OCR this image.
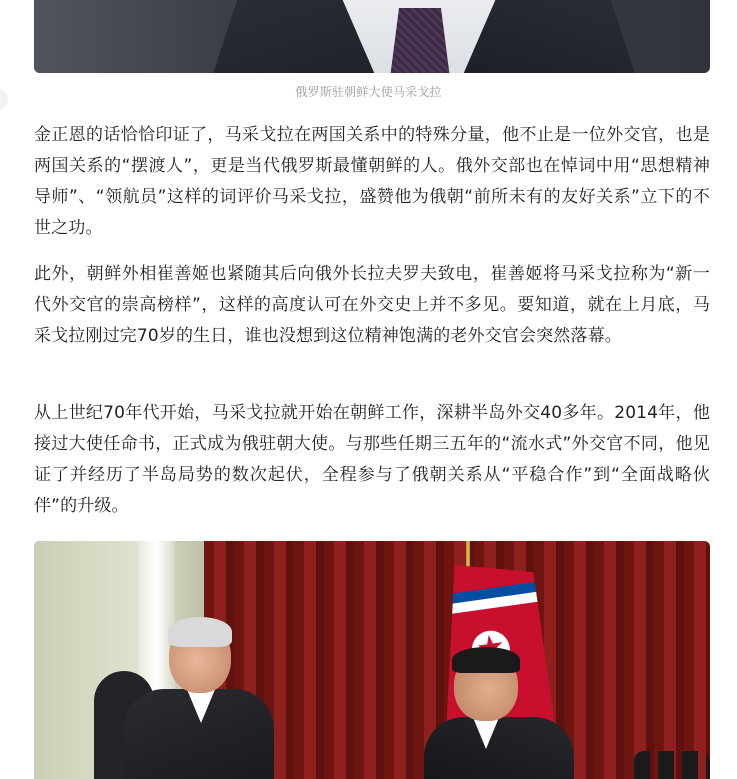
俄罗斯驻朝鲜大使马采戈拉

金正恩的话恰恰印证了，马采戈拉在两国关系中的特殊分量，他不止是一位外交官，也是两国关系的“摆渡人”，更是当代俄罗斯最懂朝鲜的人。俄外交部也在悼词中用“思想精神导师”、“领航员”这样的词评价马采戈拉，盛赞他为俄朝“前所未有的友好关系”立下的不世之功。

此外，朝鲜外相崔善姬也紧随其后向俄外长拉夫罗夫致电，崔善姬将马采戈拉称为“新一代外交官的崇高榜样”，这样的高度认可在外交史上并不多见。要知道，就在上月底，马采戈拉刚过完70岁的生日，谁也没想到这位精神饱满的老外交官会突然落幕。

从上世纪70年代开始，马采戈拉就开始在朝鲜工作，深耕半岛外交40多年。2014年，他接过大使任命书，正式成为俄驻朝大使。与那些任期三五年的“流水式”外交官不同，他见证了并经历了半岛局势的数次起伏，全程参与了俄朝关系从“平稳合作”到“全面战略伙伴”的升级。
